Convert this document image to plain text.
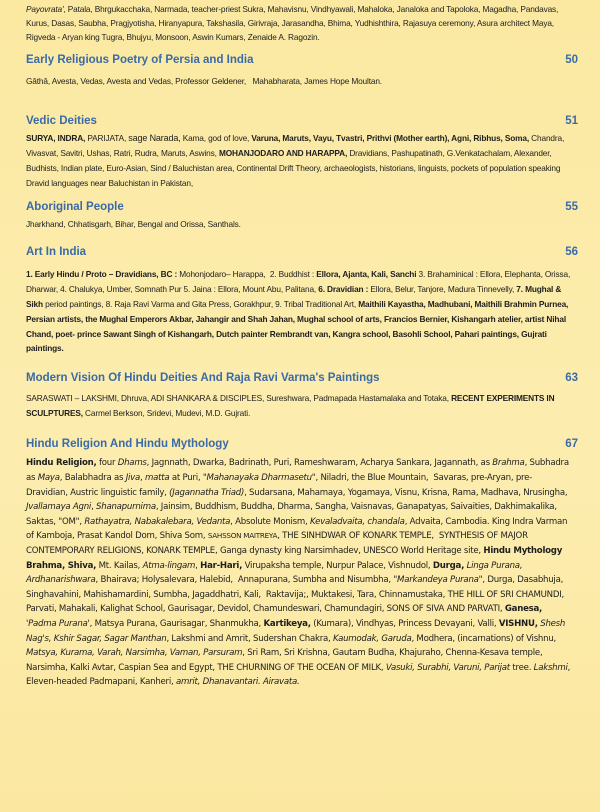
Payovrata', Patala, Bhrgukacchaka, Narmada, teacher-priest Sukra, Mahavisnu, Vindhyawali, Mahaloka, Janaloka and Tapoloka, Magadha, Pandavas, Kurus, Dasas, Saubha, Pragjyotisha, Hiranyapura, Takshasila, Girivraja, Jarasandha, Bhima, Yudhishthira, Rajasuya ceremony, Asura architect Maya, Rigveda - Aryan king Tugra, Bhujyu, Monsoon, Aswin Kumars, Zenaide A. Ragozin.
Early Religious Poetry of Persia and India	50
Gâthâ, Avesta, Vedas, Avesta and Vedas, Professor Geldener,   Mahabharata, James Hope Moultan.
Vedic Deities	51
SURYA, INDRA, PARIJATA, sage Narada, Kama, god of love, Varuna, Maruts, Vayu, Tvastri, Prithvi (Mother earth), Agni, Ribhus, Soma, Chandra, Vivasvat, Savitri, Ushas, Ratri, Rudra, Maruts, Aswins, MOHANJODARO AND HARAPPA, Dravidians, Pashupatinath, G.Venkatachalam, Alexander, Budhists, Indian plate, Euro-Asian, Sind / Baluchistan area, Continental Drift Theory, archaeologists, historians, linguists, pockets of population speaking Dravid languages near Baluchistan in Pakistan,
Aboriginal People	55
Jharkhand, Chhatisgarh, Bihar, Bengal and Orissa, Santhals.
Art In India	56
1. Early Hindu / Proto – Dravidians, BC : Mohonjodaro– Harappa,  2. Buddhist : Ellora, Ajanta, Kali, Sanchi 3. Brahaminical : Ellora, Elephanta, Orissa, Dharwar, 4. Chalukya, Umber, Somnath Pur 5. Jaina : Ellora, Mount Abu, Palitana, 6. Dravidian : Ellora, Belur, Tanjore, Madura Tinnevelly, 7. Mughal & Sikh period paintings, 8. Raja Ravi Varma and Gita Press, Gorakhpur, 9. Tribal Traditional Art, Maithili Kayastha, Madhubani, Maithili Brahmin Purnea, Persian artists, the Mughal Emperors Akbar, Jahangir and Shah Jahan, Mughal school of arts, Francios Bernier, Kishangarh atelier, artist Nihal Chand, poet- prince Sawant Singh of Kishangarh, Dutch painter Rembrandt van, Kangra school, Basohli School, Pahari paintings, Gujrati paintings.
Modern Vision Of Hindu Deities And Raja Ravi Varma's Paintings	63
SARASWATI – LAKSHMI, Dhruva, ADI SHANKARA & DISCIPLES, Sureshwara, Padmapada Hastamalaka and Totaka, RECENT EXPERIMENTS IN SCULPTURES, Carmel Berkson, Sridevi, Mudevi, M.D. Gujrati.
Hindu Religion And Hindu Mythology	67
Hindu Religion, four Dhams, Jagnnath, Dwarka, Badrinath, Puri, Rameshwaram, Acharya Sankara, Jagannath, as Brahma, Subhadra as Maya, Balabhadra as Jiva, matta at Puri, "Mahanayaka Dharmasetu", Niladri, the Blue Mountain,  Savaras, pre-Aryan, pre- Dravidian, Austric linguistic family, (Jagannatha Triad), Sudarsana, Mahamaya, Yogamaya, Visnu, Krisna, Rama, Madhava, Nrusingha, Jvallamaya Agni, Shanapurnima, Jainsim, Buddhism, Buddha, Dharma, Sangha, Vaisnavas, Ganapatyas, Saivaities, Dakhimakalika, Saktas, "OM", Rathayatra, Nabakalebara, Vedanta, Absolute Monism, Kevaladvaita, chandala, Advaita, Cambodia. King Indra Varman of Kamboja, Prasat Kandol Dom, Shiva Som, SAHSSON MAITREYA, THE SINHDWAR OF KONARK TEMPLE,  SYNTHESIS OF MAJOR CONTEMPORARY RELIGIONS, KONARK TEMPLE, Ganga dynasty king Narsimhadev, UNESCO World Heritage site, Hindu Mythology Brahma, Shiva, Mt. Kailas, Atma-lingam, Har-Hari, Virupaksha temple, Nurpur Palace, Vishnudol, Durga, Linga Purana, Ardhanarishwara, Bhairava; Holysalevara, Halebid,  Annapurana, Sumbha and Nisumbha, "Markandeya Purana", Durga, Dasabhuja, Singhavahini, Mahishamardini, Sumbha, Jagaddhatri, Kali,  Raktavija;, Muktakesi, Tara, Chinnamustaka, THE HILL OF SRI CHAMUNDI, Parvati, Mahakali, Kalighat School, Gaurisagar, Devidol, Chamundeswari, Chamundagiri, SONS OF SIVA AND PARVATI, Ganesa, 'Padma Purana', Matsya Purana, Gaurisagar, Shanmukha, Kartikeya, (Kumara), Vindhyas, Princess Devayani, Valli, VISHNU, Shesh Nag's, Kshir Sagar, Sagar Manthan, Lakshmi and Amrit, Sudershan Chakra, Kaumodak, Garuda, Modhera, (incarnations) of Vishnu, Matsya, Kurama, Varah, Narsimha, Vaman, Parsuram, Sri Ram, Sri Krishna, Gautam Budha, Khajuraho, Chenna-Kesava temple, Narsimha, Kalki Avtar, Caspian Sea and Egypt, THE CHURNING OF THE OCEAN OF MILK, Vasuki, Surabhi, Varuni, Parijat tree. Lakshmi, Eleven-headed Padmapani, Kanheri, amrit, Dhanavantari. Airavata.
